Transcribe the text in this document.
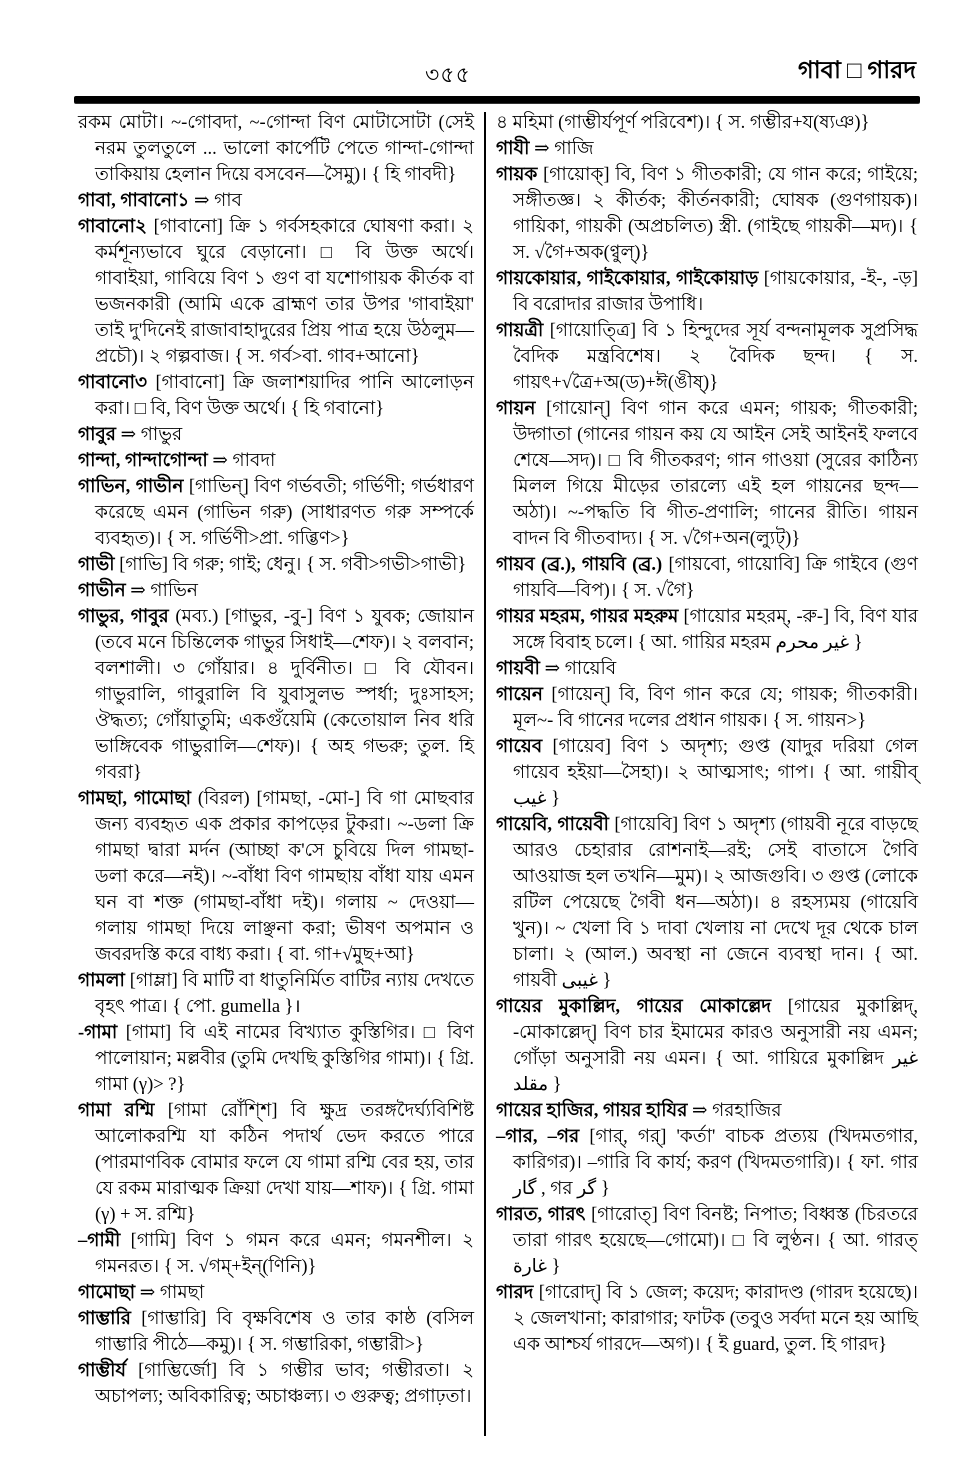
৩৫৫	গাবা □ গারদ

রকম মোটা। ~-গোবদা, ~-গোন্দা বিণ মোটাসোটা (সেই নরম তুলতুলে ... ভালো কার্পেটি পেতে গান্দা-গোন্দা তাকিয়ায় হেলান দিয়ে বসবেন—সৈমু)। { হি গাবদী}

গাবা, গাবানো১ ⇒ গাব

গাবানো২ [গাবানো] ক্রি ১ গর্বসহকারে ঘোষণা করা। ২ কর্মশূন্যভাবে ঘুরে বেড়ানো। □ বি উক্ত অর্থে। গাবাইয়া, গাবিয়ে বিণ ১ গুণ বা যশোগায়ক কীর্তক বা ভজনকারী (আমি একে ব্রাহ্মণ তার উপর 'গাবাইয়া' তাই দু'দিনেই রাজাবাহাদুরের প্রিয় পাত্র হয়ে উঠলুম—প্রচৌ)। ২ গল্পবাজ। { স. গর্ব>বা. গাব+আনো}

গাবানো৩ [গাবানো] ক্রি জলাশয়াদির পানি আলোড়ন করা। □ বি, বিণ উক্ত অর্থে। { হি গবানো}

গাবুর ⇒ গাভুর

গান্দা, গান্দাগোন্দা ⇒ গাবদা

গাভিন, গাভীন [গাভিন্] বিণ গর্ভবতী; গর্ভিণী; গর্ভধারণ করেছে এমন (গাভিন গরু) (সাধারণত গরু সম্পর্কে ব্যবহৃত)। { স. গর্ভিণী>প্রা. গব্ভিণ>}

গাভী [গাভি] বি গরু; গাই; ধেনু। { স. গবী>গভী>গাভী}

গাভীন ⇒ গাভিন

গাভুর, গাবুর (মব্য.) [গাভুর, -বু-] বিণ ১ যুবক; জোয়ান (তবে মনে চিন্তিলেক গাভুর সিধাই—শেফ)। ২ বলবান; বলশালী। ৩ গোঁয়ার। ৪ দুর্বিনীত। □ বি যৌবন। গাভুরালি, গাবুরালি বি যুবাসুলভ স্পর্ধা; দুঃসাহস; ঔদ্ধত্য; গোঁয়াতুমি; একগুঁয়েমি (কেতোয়াল নিব ধরি ভাঙ্গিবেক গাভুরালি—শেফ)। { অহ গভরু; তুল. হি গবরা}

গামছা, গামোছা (বিরল) [গামছা, -মো-] বি গা মোছবার জন্য ব্যবহৃত এক প্রকার কাপড়ের টুকরা। ~-ডলা ক্রি গামছা দ্বারা মর্দন (আচ্ছা ক'সে চুবিয়ে দিল গামছা-ডলা করে—নই)। ~-বাঁধা বিণ গামছায় বাঁধা যায় এমন ঘন বা শক্ত (গামছা-বাঁধা দই)। গলায় ~ দেওয়া—গলায় গামছা দিয়ে লাঞ্ছনা করা; ভীষণ অপমান ও জবরদস্তি করে বাধ্য করা। { বা. গা+√মুছ+আ}

গামলা [গাম্লা] বি মাটি বা ধাতুনির্মিত বাটির ন্যায় দেখতে বৃহৎ পাত্র। { পো. gumella }।

-গামা [গামা] বি এই নামের বিখ্যাত কুস্তিগির। □ বিণ পালোয়ান; মল্লবীর (তুমি দেখছি কুস্তিগির গামা)। { গ্রি. গামা (γ)> ?}

গামা রশ্মি [গামা রোঁশ্শি] বি ক্ষুদ্র তরঙ্গদৈর্ঘ্যবিশিষ্ট আলোকরশ্মি যা কঠিন পদার্থ ভেদ করতে পারে (পারমাণবিক বোমার ফলে যে গামা রশ্মি বের হয়, তার যে রকম মারাত্মক ক্রিয়া দেখা যায়—শাফ)। { গ্রি. গামা (γ) + স. রশ্মি}

–গামী [গামি] বিণ ১ গমন করে এমন; গমনশীল। ২ গমনরত। { স. √গম্+ইন্(ণিনি)}

গামোছা ⇒ গামছা

গাম্ভারি [গাম্ভারি] বি বৃক্ষবিশেষ ও তার কাষ্ঠ (বসিল গাম্ভারি পীঠে—কমু)। { স. গম্ভারিকা, গম্ভারী>}

গাম্ভীর্য [গাম্ভির্জো] বি ১ গম্ভীর ভাব; গম্ভীরতা। ২ অচাপল্য; অবিকারিত্ব; অচাঞ্চল্য। ৩ গুরুত্ব; প্রগাঢ়তা।

৪ মহিমা (গাম্ভীর্যপূর্ণ পরিবেশ)। { স. গম্ভীর+য(ষ্যঞ)}

গাযী ⇒ গাজি

গায়ক [গায়োক্] বি, বিণ ১ গীতকারী; যে গান করে; গাইয়ে; সঙ্গীতজ্ঞ। ২ কীর্তক; কীর্তনকারী; ঘোষক (গুণগায়ক)। গায়িকা, গায়কী (অপ্রচলিত) স্ত্রী. (গাইছে গায়কী—মদ)। { স. √গৈ+অক(ণ্বুল্)}

গায়কোয়ার, গাইকোয়ার, গাইকোয়াড় [গায়কোয়ার, -ই-, -ড়] বি বরোদার রাজার উপাধি।

গায়ত্রী [গায়োত্ত্রি] বি ১ হিন্দুদের সূর্য বন্দনামূলক সুপ্রসিদ্ধ বৈদিক মন্ত্রবিশেষ। ২ বৈদিক ছন্দ। { স. গায়ৎ+√ত্রৈ+অ(ড)+ঈ(ঙীষ্)}

গায়ন [গায়োন্] বিণ গান করে এমন; গায়ক; গীতকারী; উদ্গাতা (গানের গায়ন কয় যে আইন সেই আইনই ফলবে শেষে—সদ)। □ বি গীতকরণ; গান গাওয়া (সুরের কাঠিন্য মিলল গিয়ে মীড়ের তারল্যে এই হল গায়নের ছন্দ—অঠা)। ~-পদ্ধতি বি গীত-প্রণালি; গানের রীতি। গায়ন বাদন বি গীতবাদ্য। { স. √গৈ+অন(ল্যুট্)}

গায়ব (ব্র.), গায়বি (ব্র.) [গায়বো, গায়োবি] ক্রি গাইবে (গুণ গায়বি—বিপ)। { স. √গৈ}

গায়র মহরম, গায়র মহরুম [গায়োর মহরম্, -রু-] বি, বিণ যার সঙ্গে বিবাহ চলে। { আ. গায়ির মহরম غير محرم }

গায়বী ⇒ গায়েবি

গায়েন [গায়েন্] বি, বিণ গান করে যে; গায়ক; গীতকারী। মূল~- বি গানের দলের প্রধান গায়ক। { স. গায়ন>}

গায়েব [গায়েব] বিণ ১ অদৃশ্য; গুপ্ত (যাদুর দরিয়া গেল গায়েব হইয়া—সৈহা)। ২ আত্মসাৎ; গাপ। { আ. গায়ীব্ غيب }

গায়েবি, গায়েবী [গায়েবি] বিণ ১ অদৃশ্য (গায়বী নূরে বাড়ছে আরও চেহারার রোশনাই—রই; সেই বাতাসে গৈবি আওয়াজ হল তখনি—মুম)। ২ আজগুবি। ৩ গুপ্ত (লোকে রটিল পেয়েছে গৈবী ধন—অঠা)। ৪ রহস্যময় (গায়েবি খুন)। ~ খেলা বি ১ দাবা খেলায় না দেখে দূর থেকে চাল চালা। ২ (আল.) অবস্থা না জেনে ব্যবস্থা দান। { আ. গায়বী غيبى }

গায়ের মুকাল্লিদ, গায়ের মোকাল্লেদ [গায়ের মুকাল্লিদ্, -মোকাল্লেদ্] বিণ চার ইমামের কারও অনুসারী নয় এমন; গোঁড়া অনুসারী নয় এমন। { আ. গায়িরে মুকাল্লিদ غير مقلد }

গায়ের হাজির, গায়র হাযির ⇒ গরহাজির

–গার, –গর [গার্, গর্] 'কর্তা' বাচক প্রত্যয় (খিদমতগার, কারিগর)। –গারি বি কার্য; করণ (খিদমতগারি)। { ফা. গার گار , গর گر }

গারত, গারৎ [গারোত্] বিণ বিনষ্ট; নিপাত; বিধ্বস্ত (চিরতরে তারা গারৎ হয়েছে—গোমো)। □ বি লুণ্ঠন। { আ. গারত্ غارة }

গারদ [গারোদ্] বি ১ জেল; কয়েদ; কারাদণ্ড (গারদ হয়েছে)। ২ জেলখানা; কারাগার; ফাটক (তবুও সর্বদা মনে হয় আছি এক আশ্চর্য গারদে—অগ)। { ই guard, তুল. হি গারদ}
